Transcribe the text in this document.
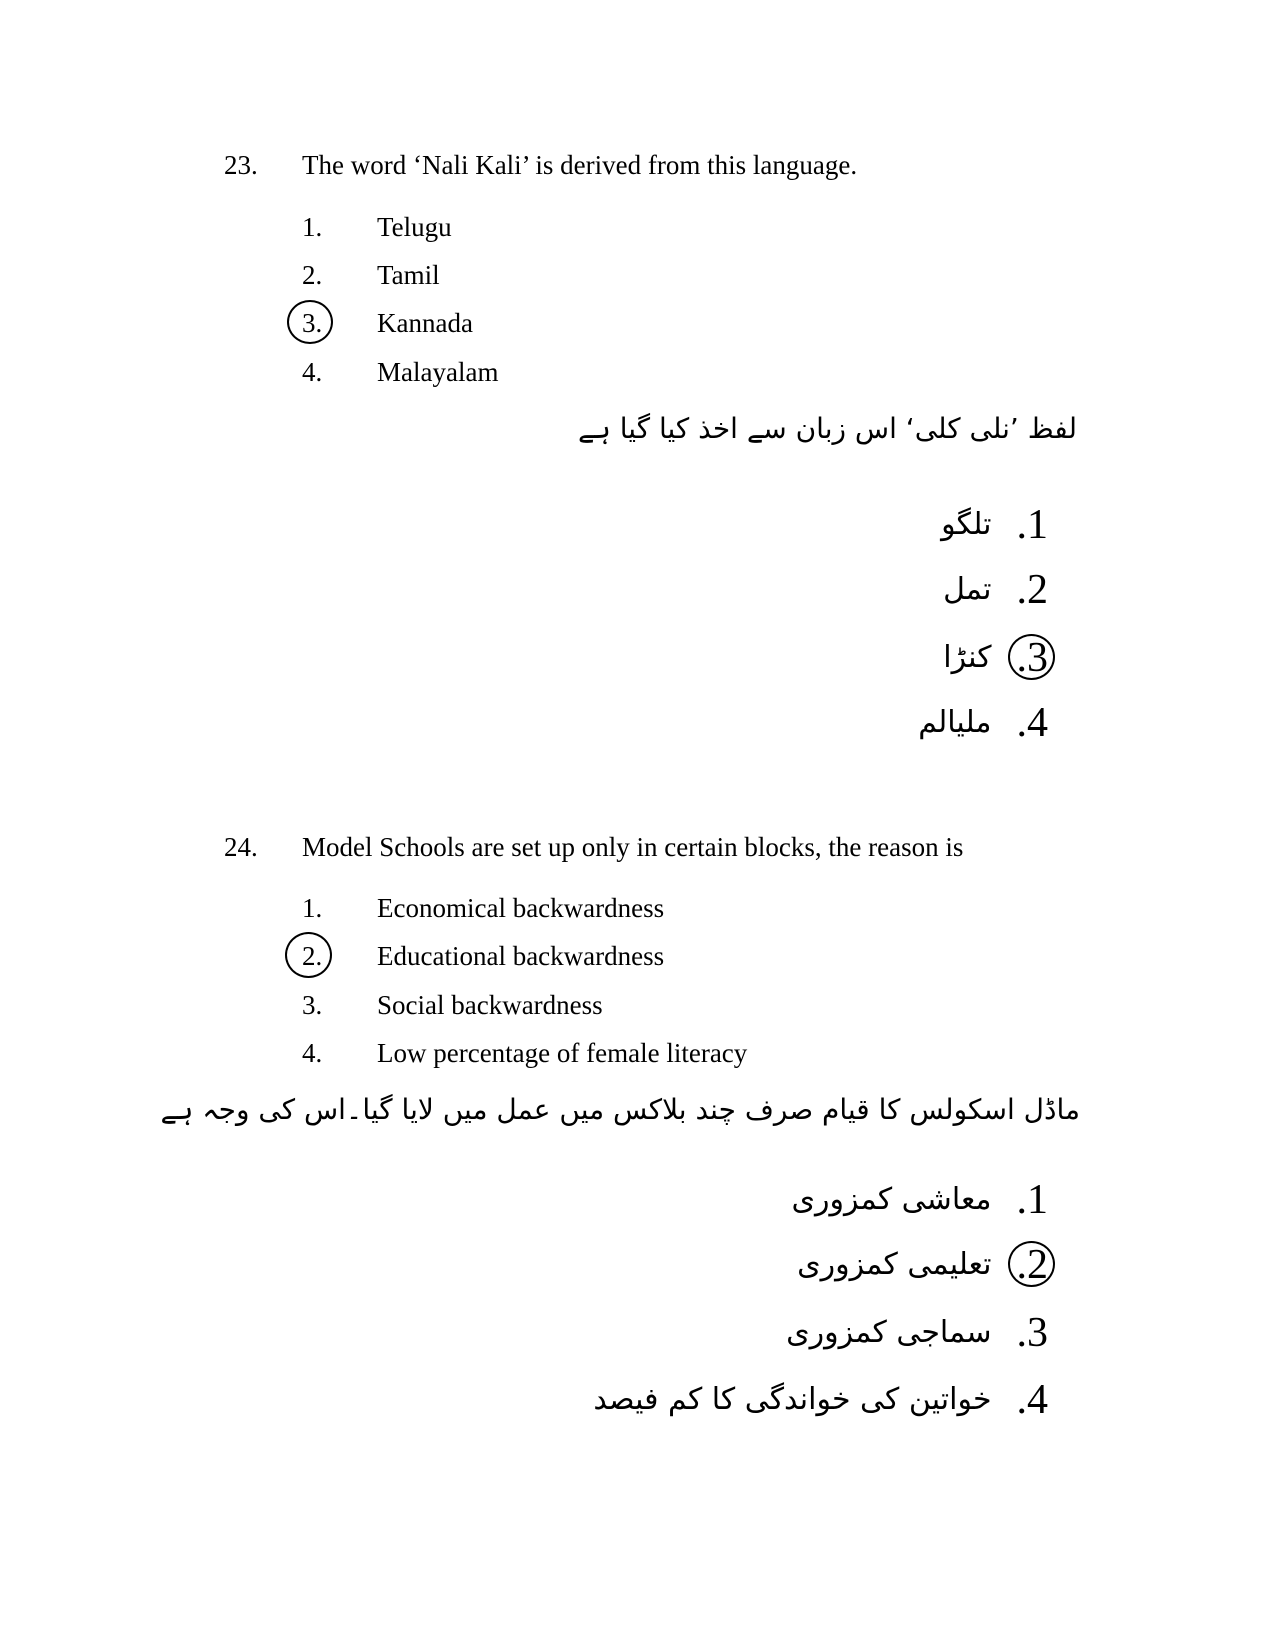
23.	The word ‘Nali Kali’ is derived from this language.
1.	Telugu
2.	Tamil
3.	Kannada
4.	Malayalam
لفظ ’نلی کلی‘ اس زبان سے اخذ کیا گیا ہے
.1
تلگو
.2
تمل
.3
کنڑا
.4
ملیالم
24.	Model Schools are set up only in certain blocks, the reason is
1.	Economical backwardness
2.	Educational backwardness
3.	Social backwardness
4.	Low percentage of female literacy
ماڈل اسکولس کا قیام صرف چند بلاکس میں عمل میں لایا گیا۔اس کی وجہ ہے
.1
معاشی کمزوری
.2
تعلیمی کمزوری
.3
سماجی کمزوری
.4
خواتین کی خواندگی کا کم فیصد
